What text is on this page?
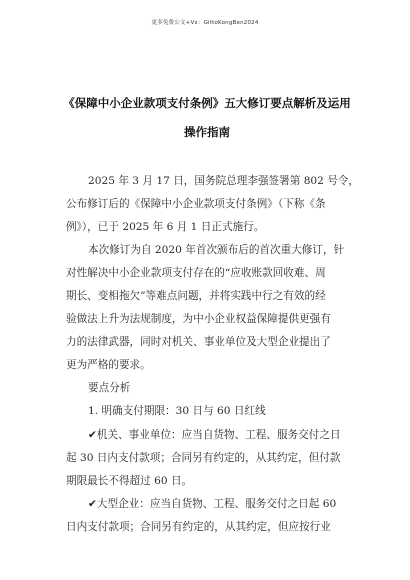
更多免费公文+Vx：GittoKongBen2024
《保障中小企业款项支付条例》五大修订要点解析及运用
操作指南
2025 年 3 月 17 日，国务院总理李强签署第 802 号令，
公布修订后的《保障中小企业款项支付条例》（下称《条
例》），已于 2025 年 6 月 1 日正式施行。
本次修订为自 2020 年首次颁布后的首次重大修订，针
对性解决中小企业款项支付存在的“应收账款回收难、周
期长、变相拖欠”等难点问题，并将实践中行之有效的经
验做法上升为法规制度，为中小企业权益保障提供更强有
力的法律武器，同时对机关、事业单位及大型企业提出了
更为严格的要求。
要点分析
1. 明确支付期限：30 日与 60 日红线
✔机关、事业单位：应当自货物、工程、服务交付之日
起 30 日内支付款项；合同另有约定的，从其约定，但付款
期限最长不得超过 60 日。
✔大型企业：应当自货物、工程、服务交付之日起 60
日内支付款项；合同另有约定的，从其约定，但应按行业
